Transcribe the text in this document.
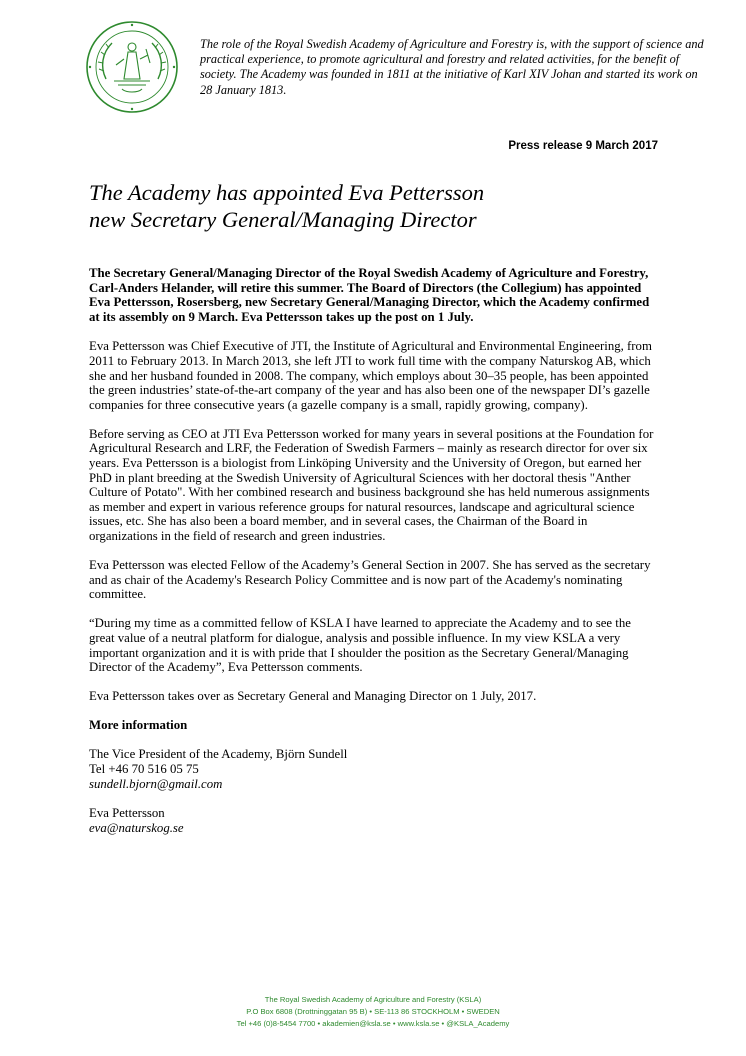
The role of the Royal Swedish Academy of Agriculture and Forestry is, with the support of science and practical experience, to promote agricultural and forestry and related activities, for the benefit of society. The Academy was founded in 1811 at the initiative of Karl XIV Johan and started its work on 28 January 1813.

Press release 9 March 2017

The Academy has appointed Eva Pettersson
new Secretary General/Managing Director

The Secretary General/Managing Director of the Royal Swedish Academy of Agriculture and Forestry, Carl-Anders Helander, will retire this summer. The Board of Directors (the Collegium) has appointed Eva Pettersson, Rosersberg, new Secretary General/Managing Director, which the Academy confirmed at its assembly on 9 March. Eva Pettersson takes up the post on 1 July.

Eva Pettersson was Chief Executive of JTI, the Institute of Agricultural and Environmental Engineering, from 2011 to February 2013. In March 2013, she left JTI to work full time with the company Naturskog AB, which she and her husband founded in 2008. The company, which employs about 30–35 people, has been appointed the green industries’ state-of-the-art company of the year and has also been one of the newspaper DI’s gazelle companies for three consecutive years (a gazelle company is a small, rapidly growing, company).

Before serving as CEO at JTI Eva Pettersson worked for many years in several positions at the Foundation for Agricultural Research and LRF, the Federation of Swedish Farmers – mainly as research director for over six years. Eva Pettersson is a biologist from Linköping University and the University of Oregon, but earned her PhD in plant breeding at the Swedish University of Agricultural Sciences with her doctoral thesis "Anther Culture of Potato". With her combined research and business background she has held numerous assignments as member and expert in various reference groups for natural resources, landscape and agricultural science issues, etc. She has also been a board member, and in several cases, the Chairman of the Board in organizations in the field of research and green industries.

Eva Pettersson was elected Fellow of the Academy’s General Section in 2007. She has served as the secretary and as chair of the Academy's Research Policy Committee and is now part of the Academy's nominating committee.

“During my time as a committed fellow of KSLA I have learned to appreciate the Academy and to see the great value of a neutral platform for dialogue, analysis and possible influence. In my view KSLA a very important organization and it is with pride that I shoulder the position as the Secretary General/Managing Director of the Academy”, Eva Pettersson comments.

Eva Pettersson takes over as Secretary General and Managing Director on 1 July, 2017.

More information
The Vice President of the Academy, Björn Sundell
Tel +46 70 516 05 75
sundell.bjorn@gmail.com
Eva Pettersson
eva@naturskog.se
The Royal Swedish Academy of Agriculture and Forestry (KSLA)
P.O Box 6808 (Drottninggatan 95 B) • SE-113 86 STOCKHOLM • SWEDEN
Tel +46 (0)8-5454 7700 • akademien@ksla.se • www.ksla.se • @KSLA_Academy
